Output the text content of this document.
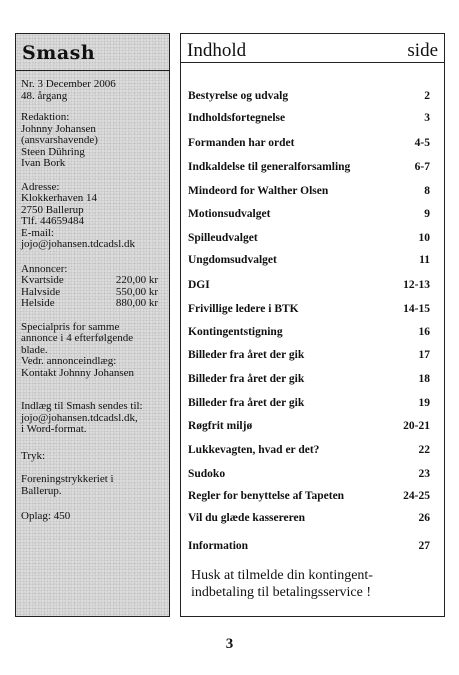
Smash
Nr. 3 December 2006
48. årgang
Redaktion:
Johnny Johansen
(ansvarshavende)
Steen Dühring
Ivan Bork
Adresse:
Klokkerhaven 14
2750 Ballerup
Tlf. 44659484
E-mail:
jojo@johansen.tdcadsl.dk
Annoncer:
Kvartside	220,00 kr
Halvside	550,00 kr
Helside	880,00 kr
Specialpris for samme
annonce i 4 efterfølgende
blade.
Vedr. annonceindlæg:
Kontakt Johnny Johansen
Indlæg til Smash sendes til:
jojo@johansen.tdcadsl.dk,
i Word-format.
Tryk:
Foreningstrykkeriet i
Ballerup.
Oplag: 450
Indhold	side
Bestyrelse og udvalg	2
Indholdsfortegnelse	3
Formanden har ordet	4-5
Indkaldelse til generalforsamling	6-7
Mindeord for Walther Olsen	8
Motionsudvalget	9
Spilleudvalget	10
Ungdomsudvalget	11
DGI	12-13
Frivillige ledere i BTK	14-15
Kontingentstigning	16
Billeder fra året der gik	17
Billeder fra året der gik	18
Billeder fra året der gik	19
Røgfrit miljø	20-21
Lukkevagten, hvad er det?	22
Sudoko	23
Regler for benyttelse af Tapeten	24-25
Vil du glæde kassereren	26
Information	27
Husk at tilmelde din kontingent-
indbetaling til betalingsservice !
3
